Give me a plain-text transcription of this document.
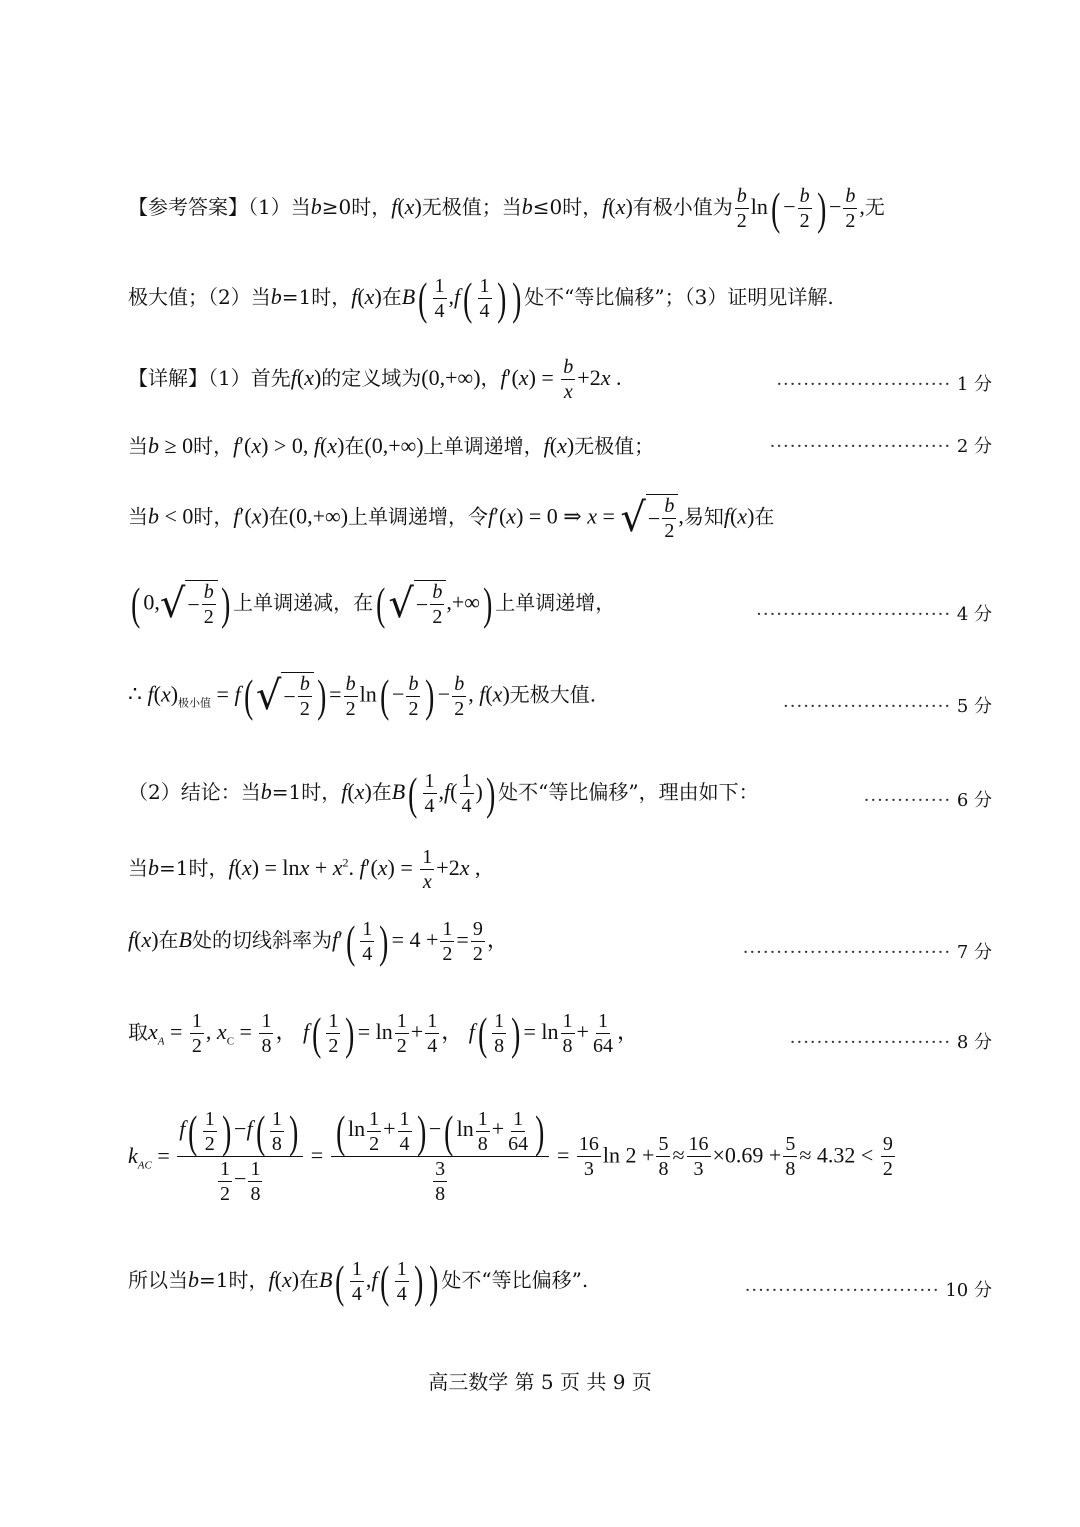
【参考答案】（1）当b≥0时，f(x)无极值；当b≤0时，f(x)有极小值为 $\frac{b}{2} \ln( - \frac{b}{2}$ ) − $\frac{b}{2}$ ,无
极大值；（2）当b=1时，f(x)在$B( \frac{1}{4} ,f( \frac{1}{4}$ ) ) 处不“等比偏移”；（3）证明见详解.
【详解】（1）首先f(x)的定义域为(0,+∞)，$f'(x) = \frac{b}{x} +2x$ .	·························· 1 分
当b ≥ 0时，f′(x) > 0, f(x)在(0,+∞)上单调递增，f(x)无极值；	··························· 2 分
当b < 0时，f′(x)在(0,+∞)上单调递增，令f′(x) = 0 ⇒ x = √ − $\frac{b}{2}$ ,易知f(x)在
( 0, √ − $\frac{b}{2}$ ) 上单调递减，在( √ − $\frac{b}{2}$ ,+∞) 上单调递增，	····························· 4 分
∴ $f(x)_{极小值} = f$( √ − $\frac{b}{2}$ ) = $\frac{b}{2} \ln( - \frac{b}{2}$ ) − $\frac{b}{2}$ , f(x)无极大值.	························· 5 分
（2）结论：当b=1时，f(x)在$B( \frac{1}{4} ,f( \frac{1}{4}$ )) 处不“等比偏移”，理由如下：	············· 6 分
当b=1时，$f(x) = \ln x + x^2$. $f'(x) = \frac{1}{x} +2x$ ,
f(x)在B处的切线斜率为$f'( \frac{1}{4}$ ) = $4 + \frac{1}{2} = \frac{9}{2}$ ，
······························· 7 分
取$x_A = \frac{1}{2}$ , $x_C = \frac{1}{8}$ ， $f( \frac{1}{2}$ ) = $\ln \frac{1}{2} + \frac{1}{4}$ ， $f( \frac{1}{8}$ ) = $\ln \frac{1}{8} + \frac{1}{64}$ ，	························ 8 分
$k_{AC} = \frac{f( \frac{1}{2} ) -f( \frac{1}{8} )}{\frac{1}{2} - \frac{1}{8}} = \frac{( \ln \frac{1}{2} + \frac{1}{4} ) -( \ln \frac{1}{8} + \frac{1}{64} )}{\frac{3}{8}} = \frac{16}{3}$ $\ln 2 + \frac{5}{8} \approx \frac{16}{3} \times 0.69 + \frac{5}{8} \approx 4.32 < \frac{9}{2}$
所以当b=1时，f(x)在$B( \frac{1}{4} ,f( \frac{1}{4}$ ) ) 处不“等比偏移”.	····························· 10 分
高三数学 第 5 页 共 9 页
